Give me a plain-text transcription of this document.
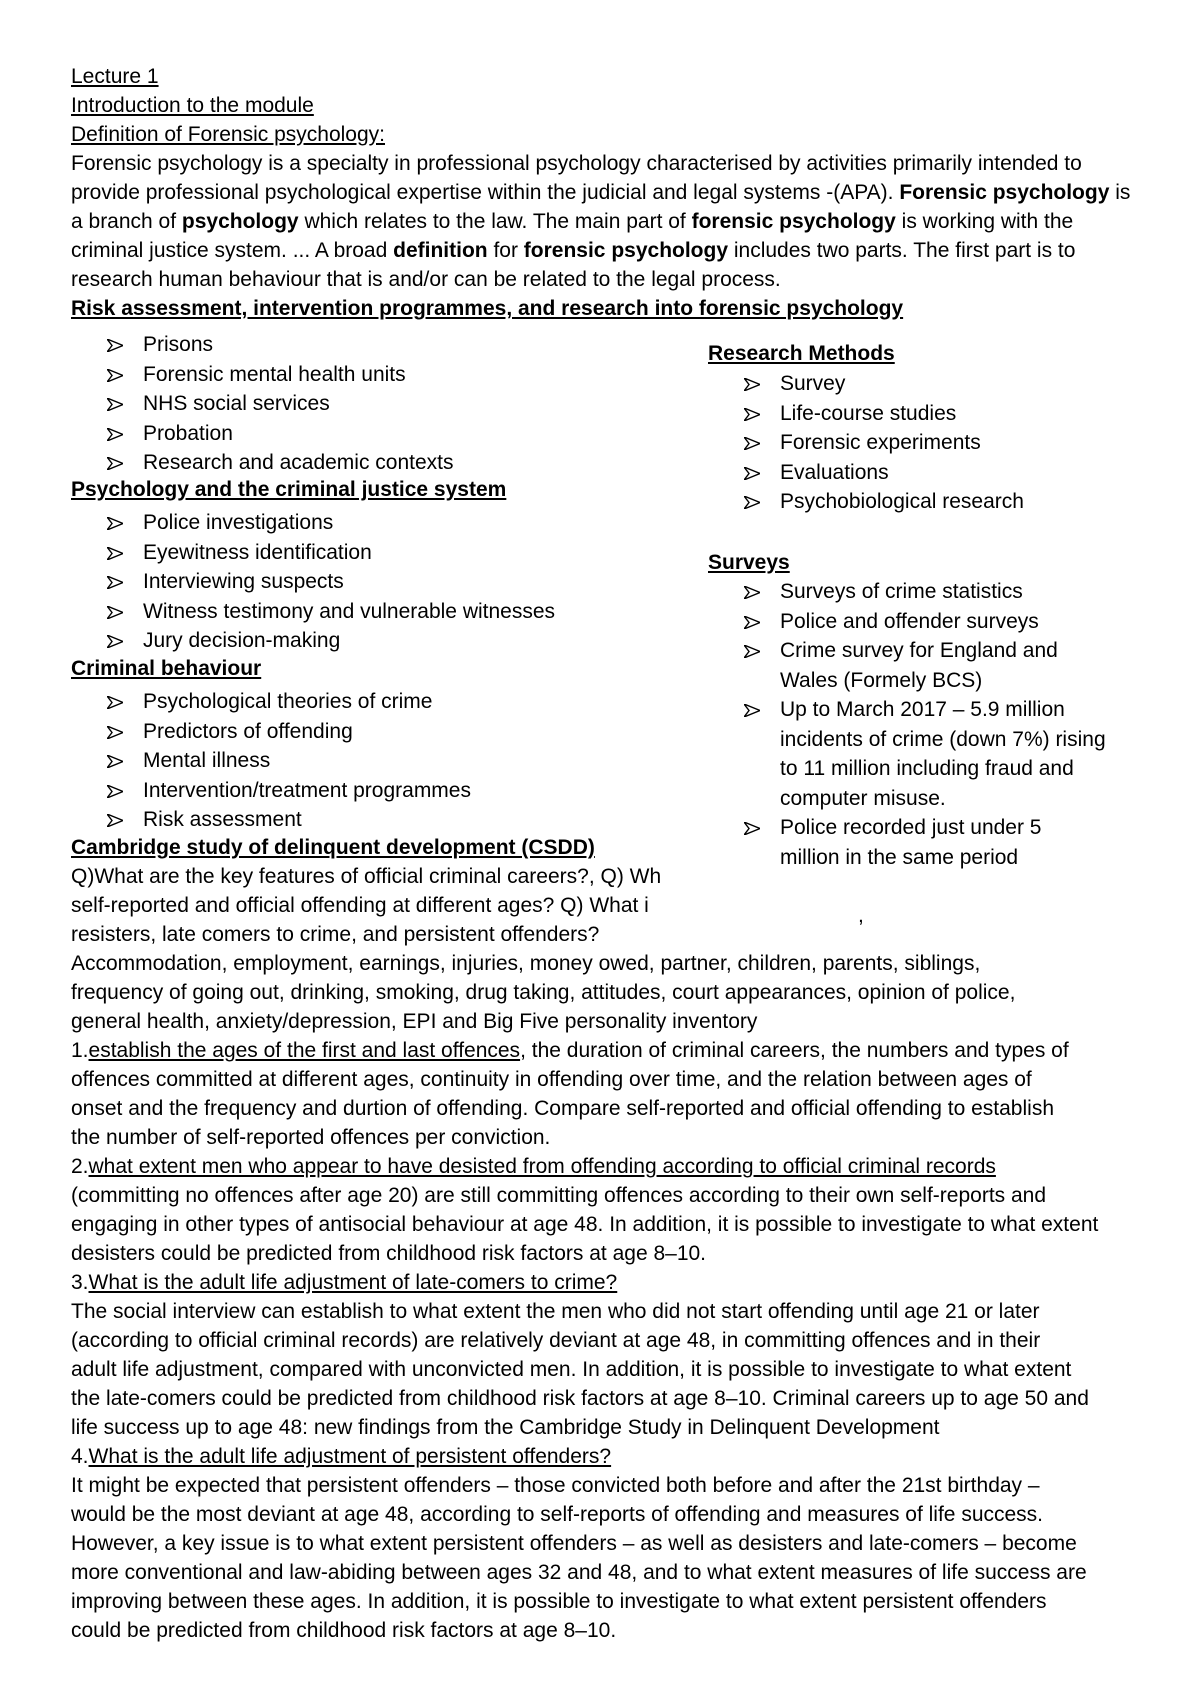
Lecture 1
Introduction to the module
Definition of Forensic psychology:
Forensic psychology is a specialty in professional psychology characterised by activities primarily intended to
provide professional psychological expertise within the judicial and legal systems -(APA). Forensic psychology is
a branch of psychology which relates to the law. The main part of forensic psychology is working with the
criminal justice system. ... A broad definition for forensic psychology includes two parts. The first part is to
research human behaviour that is and/or can be related to the legal process.
Risk assessment, intervention programmes, and research into forensic psychology
Prisons
Forensic mental health units
NHS social services
Probation
Research and academic contexts
Psychology and the criminal justice system
Police investigations
Eyewitness identification
Interviewing suspects
Witness testimony and vulnerable witnesses
Jury decision-making
Criminal behaviour
Psychological theories of crime
Predictors of offending
Mental illness
Intervention/treatment programmes
Risk assessment
Research Methods
Survey
Life-course studies
Forensic experiments
Evaluations
Psychobiological research
Surveys
Surveys of crime statistics
Police and offender surveys
Crime survey for England and
Wales (Formely BCS)
Up to March 2017 – 5.9 million
incidents of crime (down 7%) rising
to 11 million including fraud and
computer misuse.
Police recorded just under 5
million in the same period
Cambridge study of delinquent development (CSDD)
Q)What are the key features of official criminal careers?, Q) Wh
self-reported and official offending at different ages? Q) What i
resisters, late comers to crime, and persistent offenders?
,
Accommodation, employment, earnings, injuries, money owed, partner, children, parents, siblings,
frequency of going out, drinking, smoking, drug taking, attitudes, court appearances, opinion of police,
general health, anxiety/depression, EPI and Big Five personality inventory
1.establish the ages of the first and last offences, the duration of criminal careers, the numbers and types of
offences committed at different ages, continuity in offending over time, and the relation between ages of
onset and the frequency and durtion of offending. Compare self-reported and official offending to establish
the number of self-reported offences per conviction.
2.what extent men who appear to have desisted from offending according to official criminal records
(committing no offences after age 20) are still committing offences according to their own self-reports and
engaging in other types of antisocial behaviour at age 48. In addition, it is possible to investigate to what extent
desisters could be predicted from childhood risk factors at age 8–10.
3.What is the adult life adjustment of late-comers to crime?
The social interview can establish to what extent the men who did not start offending until age 21 or later
(according to official criminal records) are relatively deviant at age 48, in committing offences and in their
adult life adjustment, compared with unconvicted men. In addition, it is possible to investigate to what extent
the late-comers could be predicted from childhood risk factors at age 8–10. Criminal careers up to age 50 and
life success up to age 48: new findings from the Cambridge Study in Delinquent Development
4.What is the adult life adjustment of persistent offenders?
It might be expected that persistent offenders – those convicted both before and after the 21st birthday –
would be the most deviant at age 48, according to self-reports of offending and measures of life success.
However, a key issue is to what extent persistent offenders – as well as desisters and late-comers – become
more conventional and law-abiding between ages 32 and 48, and to what extent measures of life success are
improving between these ages. In addition, it is possible to investigate to what extent persistent offenders
could be predicted from childhood risk factors at age 8–10.
